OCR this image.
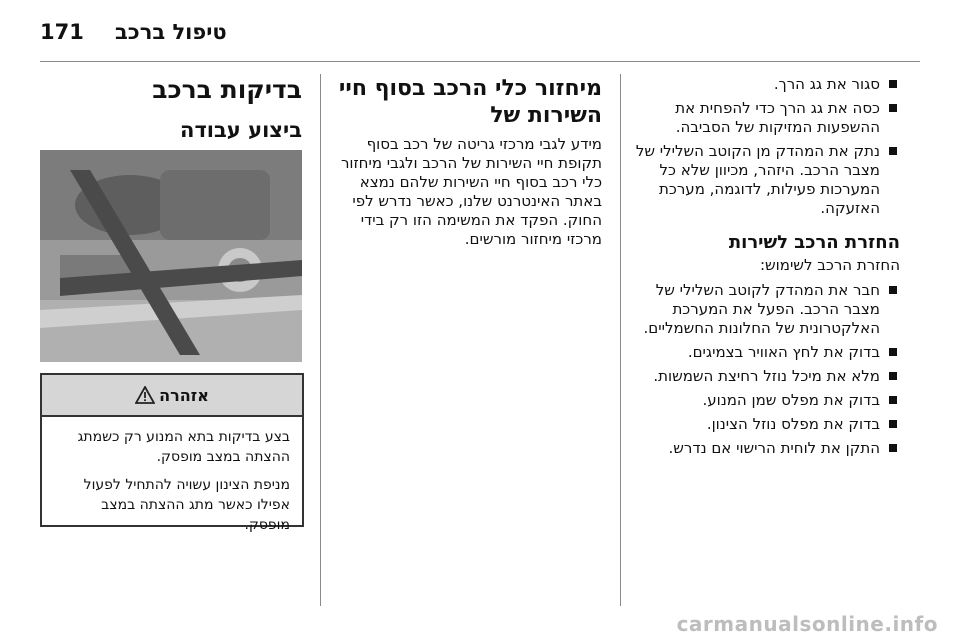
171 טיפול ברכב
סגור את גג הרך.
כסה את גג הרך כדי להפחית את ההשפעות המזיקות של הסביבה.
נתק את המהדק מן הקוטב השלילי של מצבר הרכב. היזהר, מכיוון שלא כל המערכות פעילות, לדוגמה, מערכת האזעקה.
החזרת הרכב לשירות

החזרת הרכב לשימוש:

חבר את המהדק לקוטב השלילי של מצבר הרכב. הפעל את המערכת האלקטרונית של החלונות החשמליים.
בדוק את לחץ האוויר בצמיגים.
מלא את מיכל נוזל רחיצת השמשות.
בדוק את מפלס שמן המנוע.
בדוק את מפלס נוזל הצינון.
התקן את לוחית הרישוי אם נדרש.
מיחזור כלי הרכב בסוף חיי השירות של

מידע לגבי מרכזי גריטה של רכב בסוף תקופת חיי השירות של הרכב ולגבי מיחזור כלי רכב בסוף חיי השירות שלהם נמצא באתר האינטרנט שלנו, כאשר נדרש לפי החוק. הפקד את המשימה הזו רק בידי מרכזי מיחזור מורשים.

בדיקות ברכב
ביצוע עבודה
אזהרה

בצע בדיקות בתא המנוע רק כשמתג ההצתה במצב מופסק.

מניפת הצינון עשויה להתחיל לפעול אפילו כאשר מתג ההצתה במצב מופסק.

carmanualsonline.info
